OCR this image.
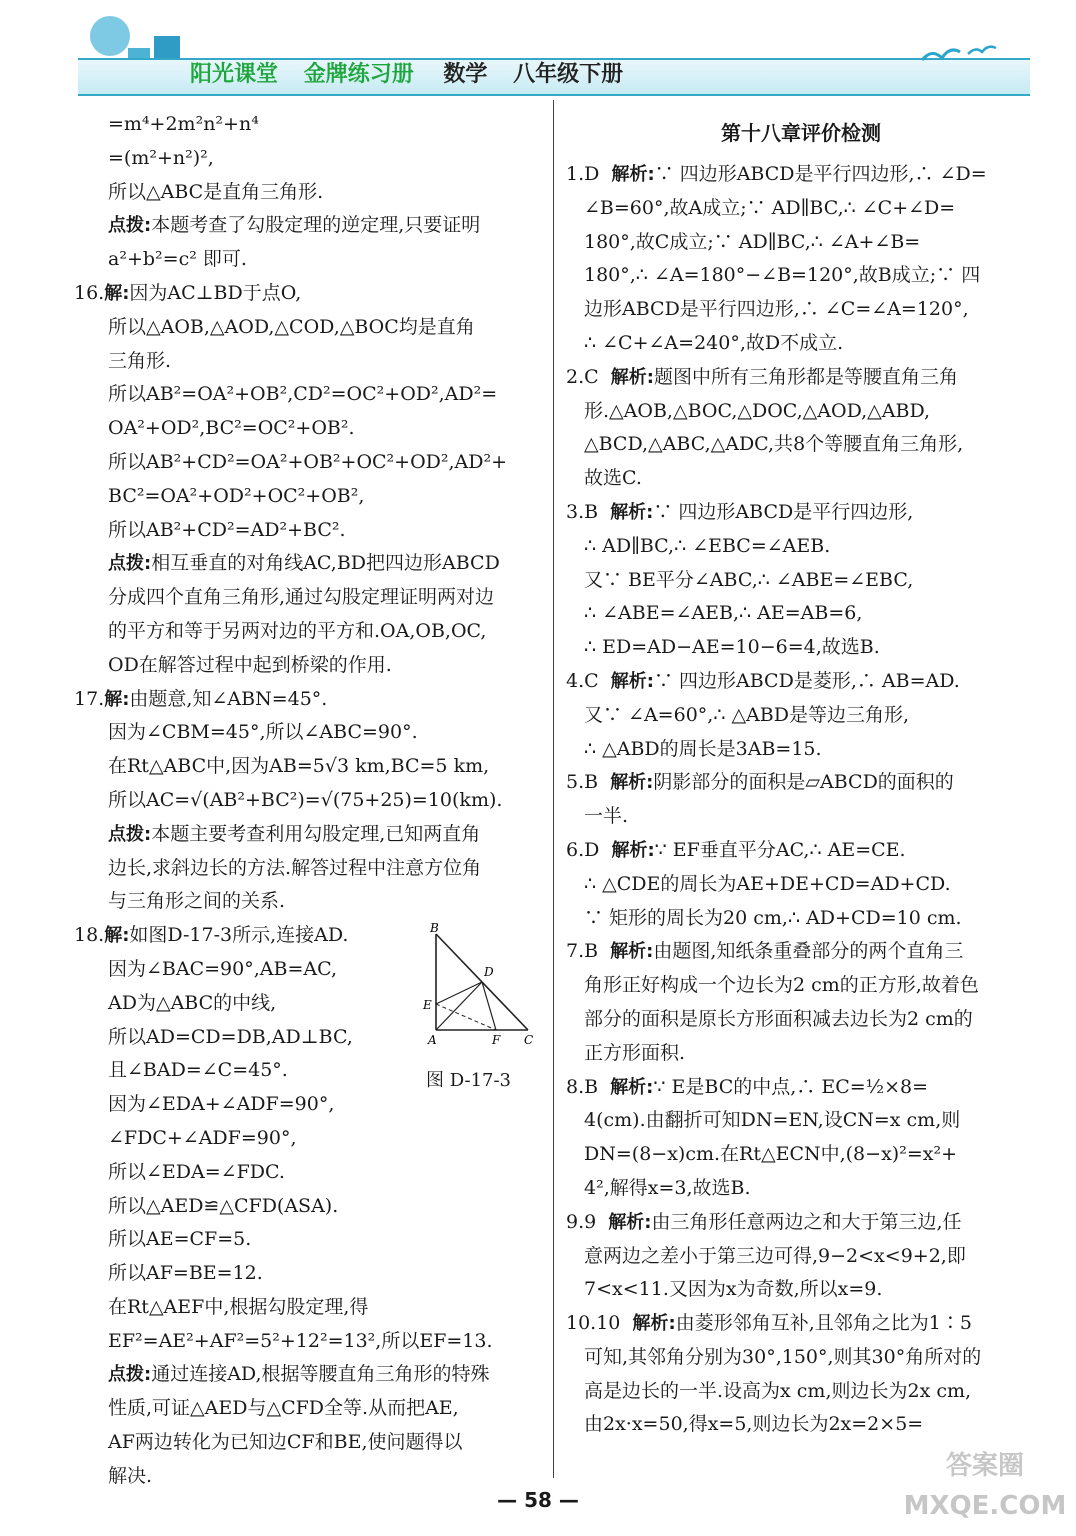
阳光课堂 金牌练习册 数学 八年级下册
=m⁴+2m²n²+n⁴
=(m²+n²)²,
所以△ABC是直角三角形.
点拨:本题考查了勾股定理的逆定理,只要证明
a²+b²=c² 即可.
16.解:因为AC⊥BD于点O,
所以△AOB,△AOD,△COD,△BOC均是直角
三角形.
所以AB²=OA²+OB²,CD²=OC²+OD²,AD²=
OA²+OD²,BC²=OC²+OB².
所以AB²+CD²=OA²+OB²+OC²+OD²,AD²+
BC²=OA²+OD²+OC²+OB²,
所以AB²+CD²=AD²+BC².
点拨:相互垂直的对角线AC,BD把四边形ABCD
分成四个直角三角形,通过勾股定理证明两对边
的平方和等于另两对边的平方和.OA,OB,OC,
OD在解答过程中起到桥梁的作用.
17.解:由题意,知∠ABN=45°.
因为∠CBM=45°,所以∠ABC=90°.
在Rt△ABC中,因为AB=5√3 km,BC=5 km,
所以AC=√(AB²+BC²)=√(75+25)=10(km).
点拨:本题主要考查利用勾股定理,已知两直角
边长,求斜边长的方法.解答过程中注意方位角
与三角形之间的关系.
18.解:如图D-17-3所示,连接AD.
因为∠BAC=90°,AB=AC,
AD为△ABC的中线,
所以AD=CD=DB,AD⊥BC,
且∠BAD=∠C=45°.
因为∠EDA+∠ADF=90°,
∠FDC+∠ADF=90°,
所以∠EDA=∠FDC.
所以△AED≌△CFD(ASA).
所以AE=CF=5.
所以AF=BE=12.
在Rt△AEF中,根据勾股定理,得
EF²=AE²+AF²=5²+12²=13²,所以EF=13.
点拨:通过连接AD,根据等腰直角三角形的特殊
性质,可证△AED与△CFD全等.从而把AE,
AF两边转化为已知边CF和BE,使问题得以
解决.
B
D
E
A	F C
图 D-17-3
第十八章评价检测
1.D 解析:∵ 四边形ABCD是平行四边形,∴ ∠D=
∠B=60°,故A成立;∵ AD∥BC,∴ ∠C+∠D=
180°,故C成立;∵ AD∥BC,∴ ∠A+∠B=
180°,∴ ∠A=180°−∠B=120°,故B成立;∵ 四
边形ABCD是平行四边形,∴ ∠C=∠A=120°,
∴ ∠C+∠A=240°,故D不成立.
2.C 解析:题图中所有三角形都是等腰直角三角
形.△AOB,△BOC,△DOC,△AOD,△ABD,
△BCD,△ABC,△ADC,共8个等腰直角三角形,
故选C.
3.B 解析:∵ 四边形ABCD是平行四边形,
∴ AD∥BC,∴ ∠EBC=∠AEB.
又∵ BE平分∠ABC,∴ ∠ABE=∠EBC,
∴ ∠ABE=∠AEB,∴ AE=AB=6,
∴ ED=AD−AE=10−6=4,故选B.
4.C 解析:∵ 四边形ABCD是菱形,∴ AB=AD.
又∵ ∠A=60°,∴ △ABD是等边三角形,
∴ △ABD的周长是3AB=15.
5.B 解析:阴影部分的面积是▱ABCD的面积的
一半.
6.D 解析:∵ EF垂直平分AC,∴ AE=CE.
∴ △CDE的周长为AE+DE+CD=AD+CD.
∵ 矩形的周长为20 cm,∴ AD+CD=10 cm.
7.B 解析:由题图,知纸条重叠部分的两个直角三
角形正好构成一个边长为2 cm的正方形,故着色
部分的面积是原长方形面积减去边长为2 cm的
正方形面积.
8.B 解析:∵ E是BC的中点,∴ EC=½×8=
4(cm).由翻折可知DN=EN,设CN=x cm,则
DN=(8−x)cm.在Rt△ECN中,(8−x)²=x²+
4²,解得x=3,故选B.
9.9 解析:由三角形任意两边之和大于第三边,任
意两边之差小于第三边可得,9−2<x<9+2,即
7<x<11.又因为x为奇数,所以x=9.
10.10 解析:由菱形邻角互补,且邻角之比为1∶5
可知,其邻角分别为30°,150°,则其30°角所对的
高是边长的一半.设高为x cm,则边长为2x cm,
由2x·x=50,得x=5,则边长为2x=2×5=
— 58 —
答案圈
MXQE.COM
